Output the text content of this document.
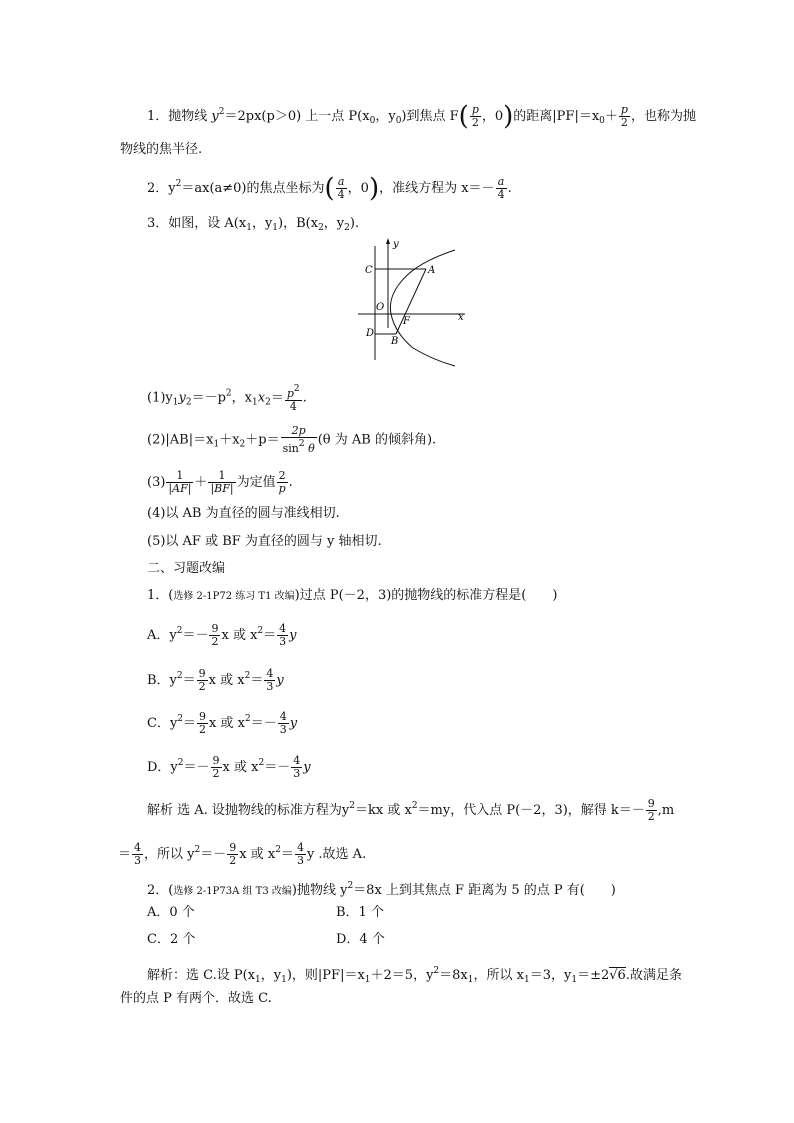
1．抛物线 $y^2=2px(p>0)$ 上一点 $P(x_0$，$y_0$)到焦点 $F( \frac{p}{2}$ ，0)的距离$|PF|=x_0+ \frac{p}{2}$ ，也称为抛
物线的焦半径.
2．$y^2=ax(a\ne 0)$的焦点坐标为( $\frac{a}{4}$ ，0)，准线方程为 $x=- \frac{a}{4}$ .
3．如图，设 $A(x_1$，$y_1$)，$B(x_2$，$y_2$).
y
C	A
O
D
F
B
x
$(1)y_1y_2=-p^2$，$x_1x_2= \frac{p^2}{4}$ .
$(2)|AB|=x_1+x_2+p= \frac{2p}{\sin^2 \theta} (\theta$ 为 AB 的倾斜角).
$(3) \frac{1}{|AF|} + \frac{1}{|BF|}$ 为定值 $\frac{2}{p}$ .
(4)以 AB 为直径的圆与准线相切.
(5)以 AF 或 BF 为直径的圆与 y 轴相切.
二、习题改编
1．(选修 2-1P72 练习 T1 改编)过点 P(－2，3)的抛物线的标准方程是(　　)
A．$y^2=- \frac{9}{2}$ x 或 $x^2= \frac{4}{3}$ y
B．$y^2= \frac{9}{2}$ x 或 $x^2= \frac{4}{3}$ y
C．$y^2= \frac{9}{2}$ x 或 $x^2=- \frac{4}{3}$ y
D．$y^2=- \frac{9}{2}$ x 或 $x^2=- \frac{4}{3}$ y
解析 选 A. 设抛物线的标准方程为$y^2=kx$ 或 $x^2=my$，代入点 P(－2，3)，解得 $k=- \frac{9}{2} ,m$
＝ $\frac{4}{3}$ ，所以 $y^2=- \frac{9}{2}$ x 或 $x^2= \frac{4}{3}$ y .故选 A.
2．(选修 2-1P73A 组 T3 改编)抛物线 $y^2=8x$ 上到其焦点 F 距离为 5 的点 P 有(　　)
A．0 个	B．1 个
C．2 个	D．4 个
解析：选 C.设 $P(x_1$，$y_1$)，则$|PF|=x_1+2=5$，$y^2=8x_1$，所以 $x_1=3$，$y_1=\pm 2√6$.故满足条
件的点 P 有两个．故选 C.
